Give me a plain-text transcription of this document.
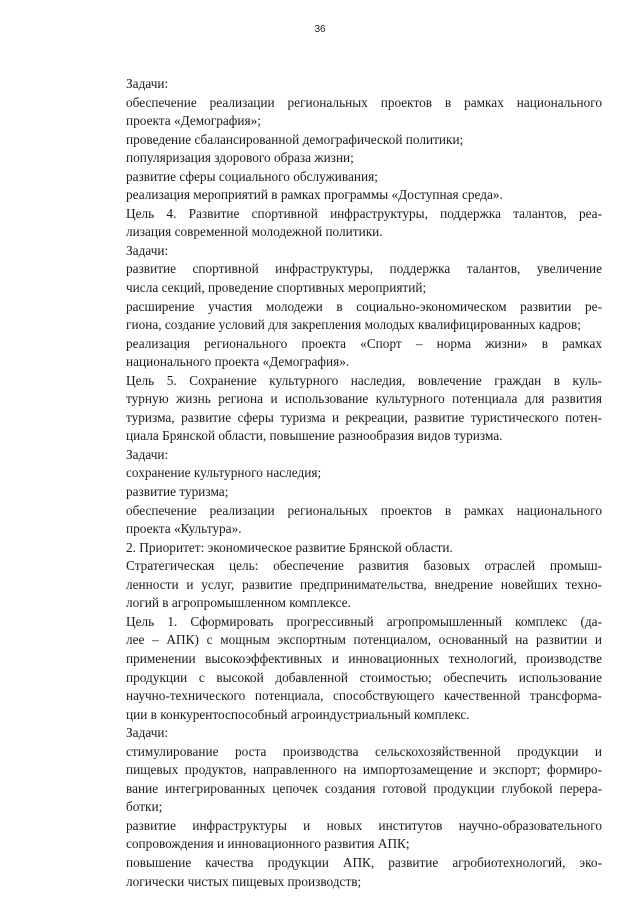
36

Задачи:

обеспечение реализации региональных проектов в рамках национального
проекта «Демография»;

проведение сбалансированной демографической политики;

популяризация здорового образа жизни;

развитие сферы социального обслуживания;

реализация мероприятий в рамках программы «Доступная среда».

Цель 4. Развитие спортивной инфраструктуры, поддержка талантов, реа-
лизация современной молодежной политики.

Задачи:

развитие спортивной инфраструктуры, поддержка талантов, увеличение
числа секций, проведение спортивных мероприятий;
расширение участия молодежи в социально-экономическом развитии ре-
гиона, создание условий для закрепления молодых квалифицированных кадров;
реализация регионального проекта «Спорт – норма жизни» в рамках
национального проекта «Демография».
Цель 5. Сохранение культурного наследия, вовлечение граждан в куль-
турную жизнь региона и использование культурного потенциала для развития
туризма, развитие сферы туризма и рекреации, развитие туристического потен-
циала Брянской области, повышение разнообразия видов туризма.

Задачи:

сохранение культурного наследия;

развитие туризма;

обеспечение реализации региональных проектов в рамках национального
проекта «Культура».

2. Приоритет: экономическое развитие Брянской области.

Стратегическая цель: обеспечение развития базовых отраслей промыш-
ленности и услуг, развитие предпринимательства, внедрение новейших техно-
логий в агропромышленном комплексе.
Цель 1. Сформировать прогрессивный агропромышленный комплекс (да-
лее – АПК) с мощным экспортным потенциалом, основанный на развитии и
применении высокоэффективных и инновационных технологий, производстве
продукции с высокой добавленной стоимостью; обеспечить использование
научно-технического потенциала, способствующего качественной трансформа-
ции в конкурентоспособный агроиндустриальный комплекс.

Задачи:

стимулирование роста производства сельскохозяйственной продукции и
пищевых продуктов, направленного на импортозамещение и экспорт; формиро-
вание интегрированных цепочек создания готовой продукции глубокой перера-
ботки;
развитие инфраструктуры и новых институтов научно-образовательного
сопровождения и инновационного развития АПК;
повышение качества продукции АПК, развитие агробиотехнологий, эко-
логически чистых пищевых производств;
